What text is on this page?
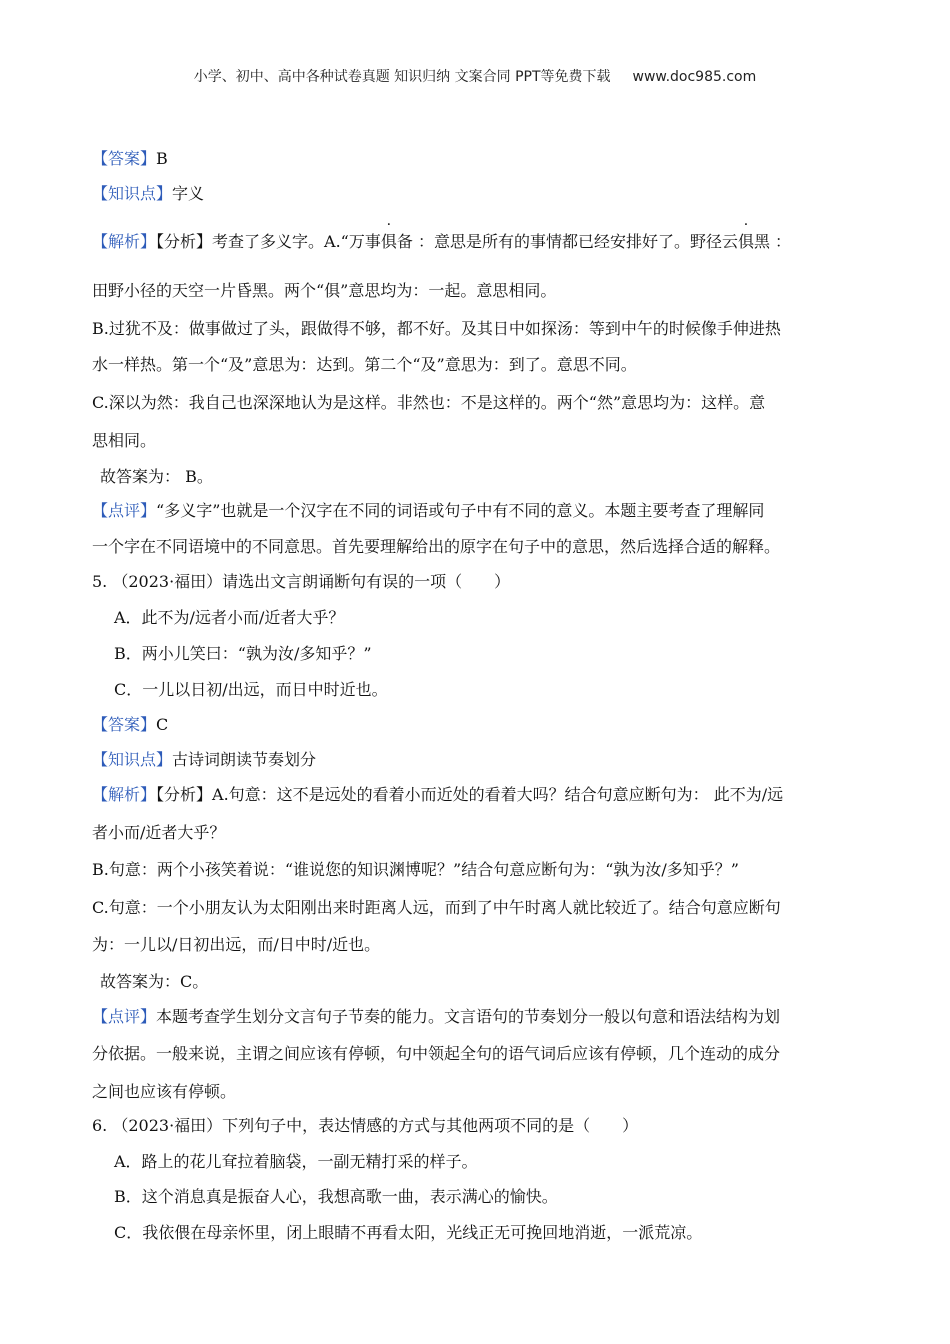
小学、初中、高中各种试卷真题 知识归纳 文案合同 PPT等免费下载 www.doc985.com
【答案】B
【知识点】字义
【解析】【分析】考查了多义字。A.“万事俱备 ：意思是所有的事情都已经安排好了。野径云俱黑 ：
田野小径的天空一片昏黑。两个“俱”意思均为：一起。意思相同。
B.过犹不及：做事做过了头，跟做得不够，都不好。及其日中如探汤：等到中午的时候像手伸进热
水一样热。第一个“及”意思为：达到。第二个“及”意思为：到了。意思不同。
C.深以为然：我自己也深深地认为是这样。非然也：不是这样的。两个“然”意思均为：这样。意
思相同。
故答案为： B。
【点评】“多义字”也就是一个汉字在不同的词语或句子中有不同的意义。本题主要考查了理解同
一个字在不同语境中的不同意思。首先要理解给出的原字在句子中的意思，然后选择合适的解释。
5. （2023·福田）请选出文言朗诵断句有误的一项（　　）
A．此不为/远者小而/近者大乎？
B．两小儿笑曰：“孰为汝/多知乎？”
C．一儿以日初/出远，而日中时近也。
【答案】C
【知识点】古诗词朗读节奏划分
【解析】【分析】A.句意：这不是远处的看着小而近处的看着大吗？结合句意应断句为： 此不为/远
者小而/近者大乎？
B.句意：两个小孩笑着说：“谁说您的知识渊博呢？”结合句意应断句为：“孰为汝/多知乎？”
C.句意：一个小朋友认为太阳刚出来时距离人远，而到了中午时离人就比较近了。结合句意应断句
为：一儿以/日初出远，而/日中时/近也。
故答案为：C。
【点评】本题考查学生划分文言句子节奏的能力。文言语句的节奏划分一般以句意和语法结构为划
分依据。一般来说，主谓之间应该有停顿，句中领起全句的语气词后应该有停顿，几个连动的成分
之间也应该有停顿。
6. （2023·福田）下列句子中，表达情感的方式与其他两项不同的是（　　）
A．路上的花儿耷拉着脑袋，一副无精打采的样子。
B．这个消息真是振奋人心，我想高歌一曲，表示满心的愉快。
C．我依偎在母亲怀里，闭上眼睛不再看太阳，光线正无可挽回地消逝，一派荒凉。
